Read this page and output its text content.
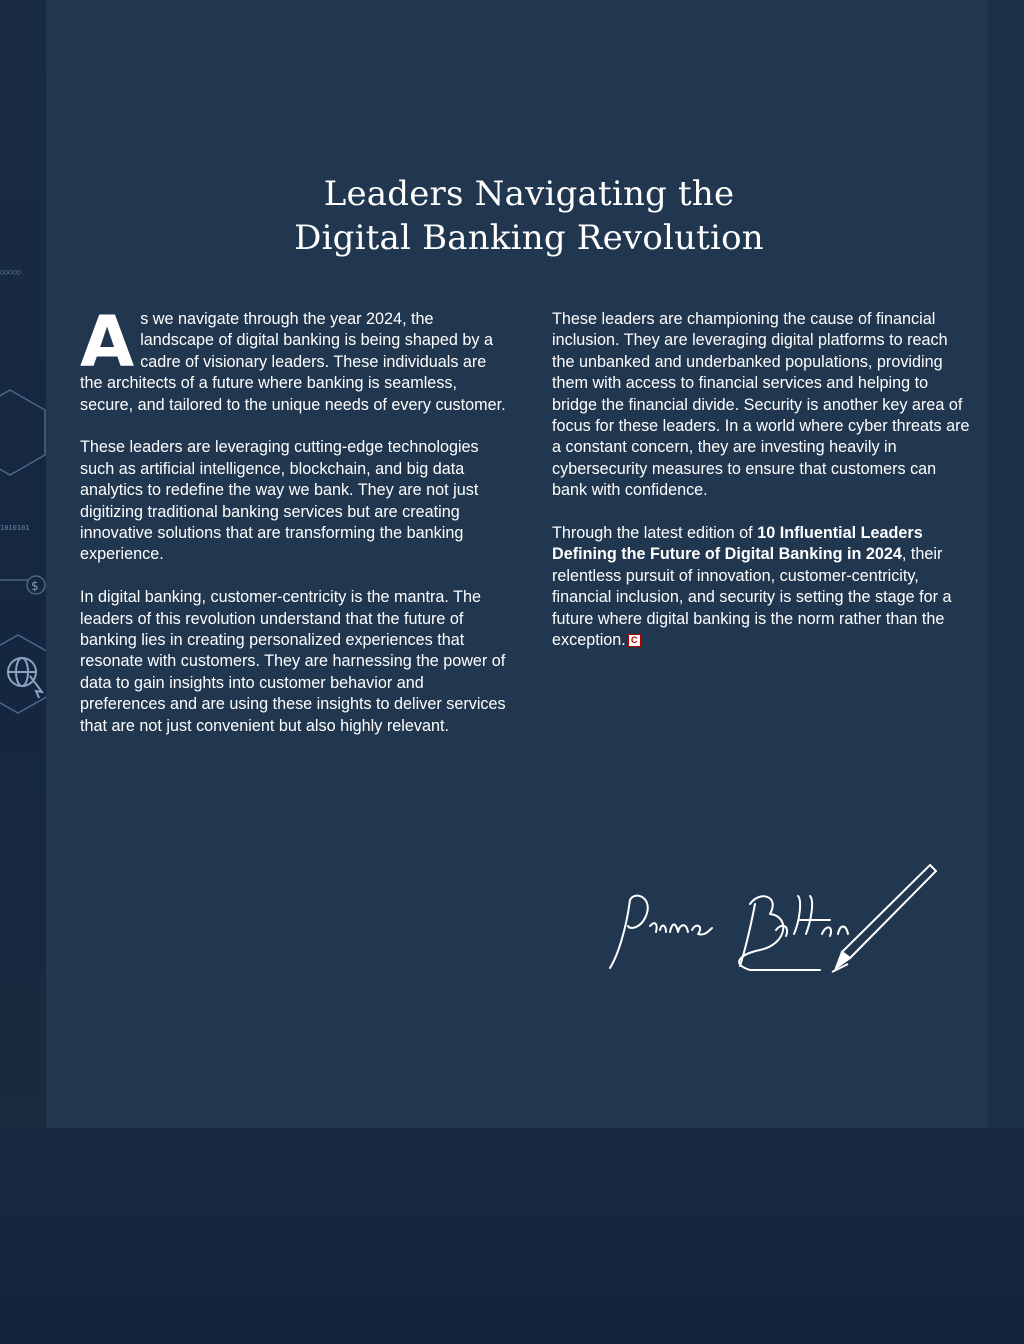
$
○○○○○
1010101
Leaders Navigating the
Digital Banking Revolution

As we navigate through the year 2024, the landscape of digital banking is being shaped by a cadre of visionary leaders. These individuals are the architects of a future where banking is seamless, secure, and tailored to the unique needs of every customer.

These leaders are leveraging cutting-edge technologies such as artificial intelligence, blockchain, and big data analytics to redefine the way we bank. They are not just digitizing traditional banking services but are creating innovative solutions that are transforming the banking experience.

In digital banking, customer-centricity is the mantra. The leaders of this revolution understand that the future of banking lies in creating personalized experiences that resonate with customers. They are harnessing the power of data to gain insights into customer behavior and preferences and are using these insights to deliver services that are not just convenient but also highly relevant.

These leaders are championing the cause of financial inclusion. They are leveraging digital platforms to reach the unbanked and underbanked populations, providing them with access to financial services and helping to bridge the financial divide. Security is another key area of focus for these leaders. In a world where cyber threats are a constant concern, they are investing heavily in cybersecurity measures to ensure that customers can bank with confidence.

Through the latest edition of 10 Influential Leaders Defining the Future of Digital Banking in 2024, their relentless pursuit of innovation, customer-centricity, financial inclusion, and security is setting the stage for a future where digital banking is the norm rather than the exception. C
